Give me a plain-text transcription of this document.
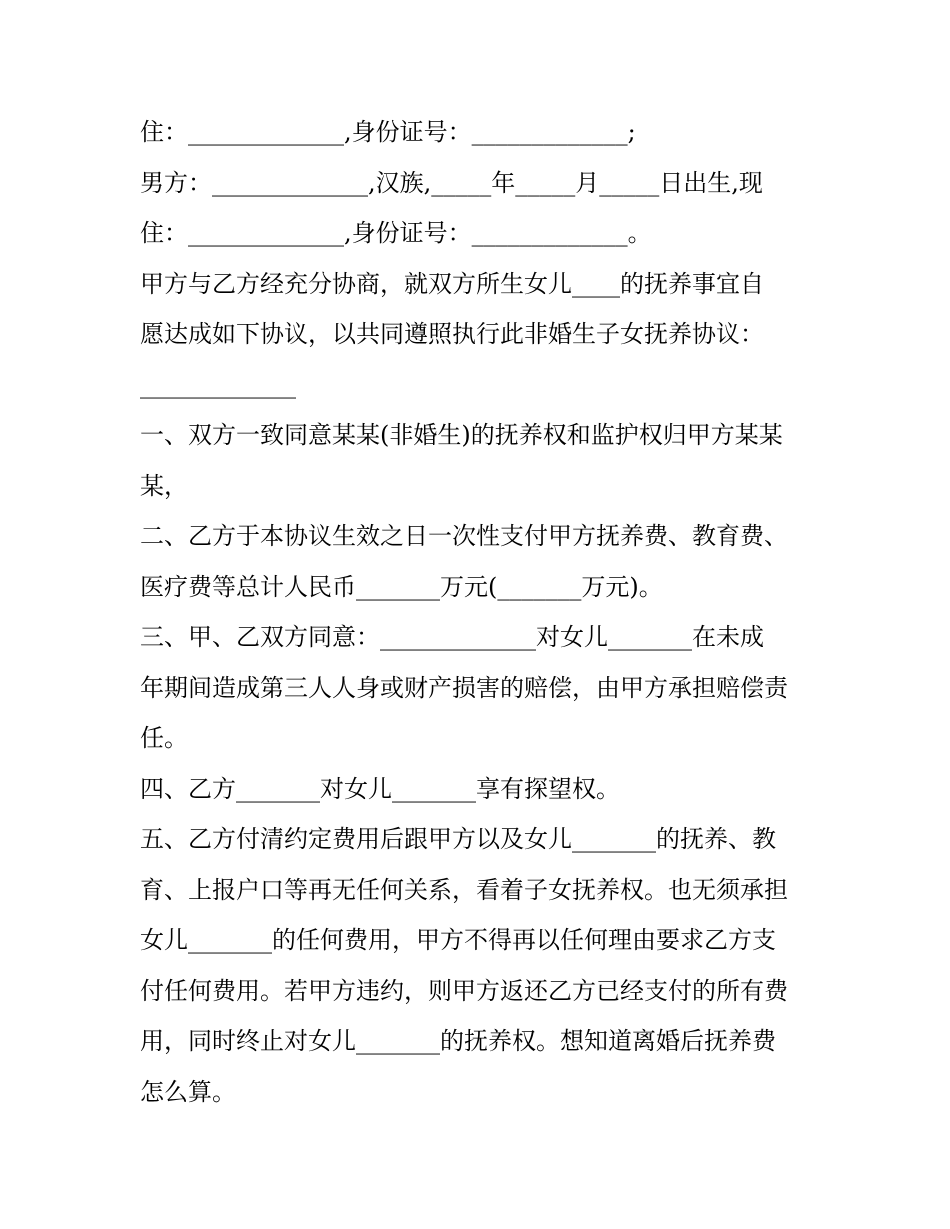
住：_____________,身份证号：_____________;
男方：_____________,汉族,_____年_____月_____日出生,现
住：_____________,身份证号：_____________。
甲方与乙方经充分协商，就双方所生女儿____的抚养事宜自
愿达成如下协议，以共同遵照执行此非婚生子女抚养协议：
_____________
一、双方一致同意某某(非婚生)的抚养权和监护权归甲方某某
某，
二、乙方于本协议生效之日一次性支付甲方抚养费、教育费、
医疗费等总计人民币_______万元(_______万元)。
三、甲、乙双方同意：_____________对女儿_______在未成
年期间造成第三人人身或财产损害的赔偿，由甲方承担赔偿责
任。
四、乙方_______对女儿_______享有探望权。
五、乙方付清约定费用后跟甲方以及女儿_______的抚养、教
育、上报户口等再无任何关系，看着子女抚养权。也无须承担
女儿_______的任何费用，甲方不得再以任何理由要求乙方支
付任何费用。若甲方违约，则甲方返还乙方已经支付的所有费
用，同时终止对女儿_______的抚养权。想知道离婚后抚养费
怎么算。
